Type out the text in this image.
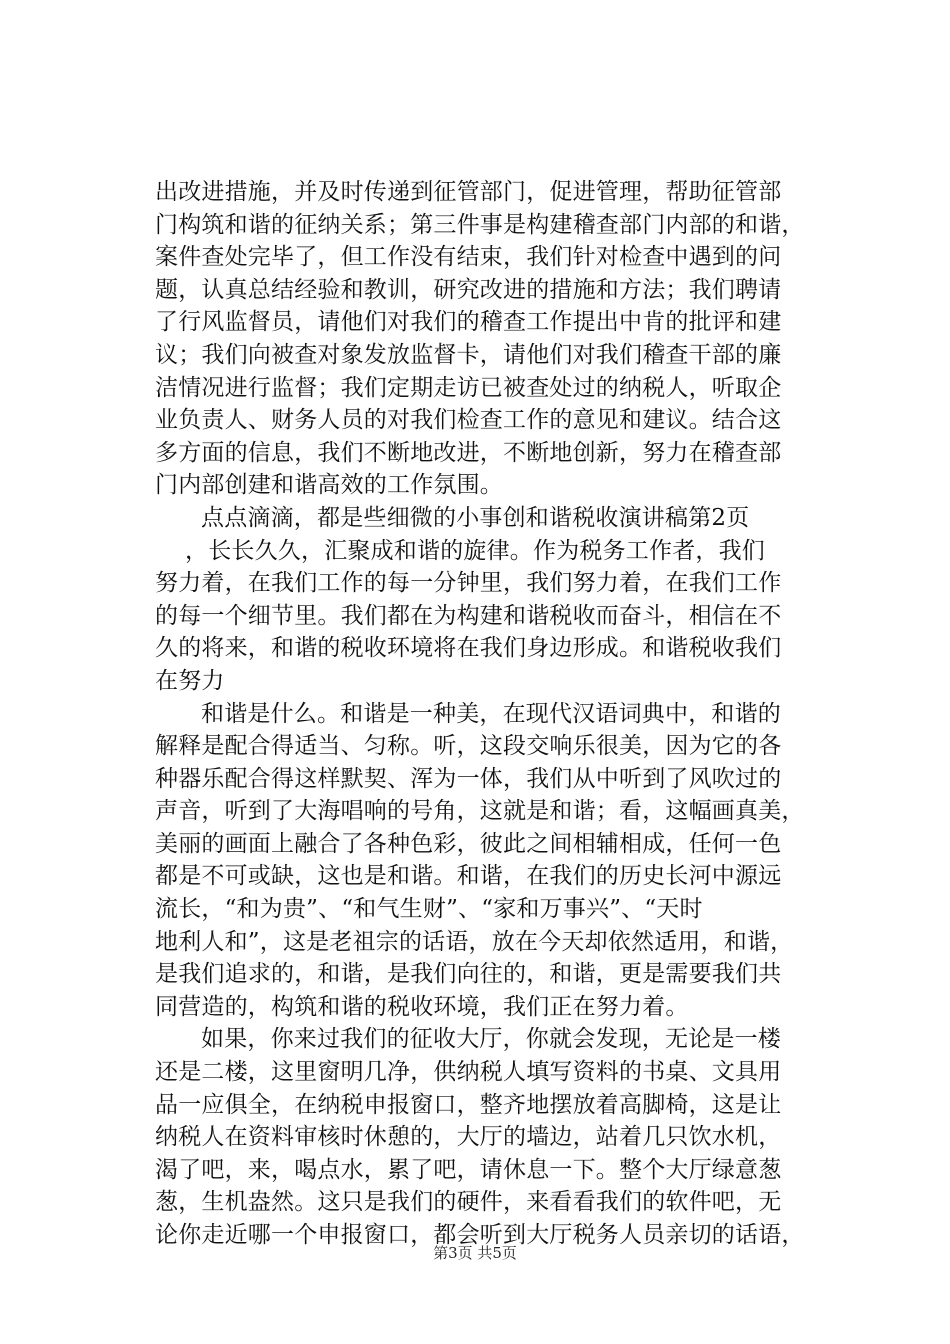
出改进措施，并及时传递到征管部门，促进管理，帮助征管部
门构筑和谐的征纳关系；第三件事是构建稽查部门内部的和谐，
案件查处完毕了，但工作没有结束，我们针对检查中遇到的问
题，认真总结经验和教训，研究改进的措施和方法；我们聘请
了行风监督员，请他们对我们的稽查工作提出中肯的批评和建
议；我们向被查对象发放监督卡，请他们对我们稽查干部的廉
洁情况进行监督；我们定期走访已被查处过的纳税人，听取企
业负责人、财务人员的对我们检查工作的意见和建议。结合这
多方面的信息，我们不断地改进，不断地创新，努力在稽查部
门内部创建和谐高效的工作氛围。
点点滴滴，都是些细微的小事创和谐税收演讲稿第2页
，长长久久，汇聚成和谐的旋律。作为税务工作者，我们
努力着，在我们工作的每一分钟里，我们努力着，在我们工作
的每一个细节里。我们都在为构建和谐税收而奋斗，相信在不
久的将来，和谐的税收环境将在我们身边形成。和谐税收我们
在努力
和谐是什么。和谐是一种美，在现代汉语词典中，和谐的
解释是配合得适当、匀称。听，这段交响乐很美，因为它的各
种器乐配合得这样默契、浑为一体，我们从中听到了风吹过的
声音，听到了大海唱响的号角，这就是和谐；看，这幅画真美，
美丽的画面上融合了各种色彩，彼此之间相辅相成，任何一色
都是不可或缺，这也是和谐。和谐，在我们的历史长河中源远
流长，“和为贵”、“和气生财”、“家和万事兴”、“天时
地利人和”，这是老祖宗的话语，放在今天却依然适用，和谐，
是我们追求的，和谐，是我们向往的，和谐，更是需要我们共
同营造的，构筑和谐的税收环境，我们正在努力着。
如果，你来过我们的征收大厅，你就会发现，无论是一楼
还是二楼，这里窗明几净，供纳税人填写资料的书桌、文具用
品一应俱全，在纳税申报窗口，整齐地摆放着高脚椅，这是让
纳税人在资料审核时休憩的，大厅的墙边，站着几只饮水机，
渴了吧，来，喝点水，累了吧，请休息一下。整个大厅绿意葱
葱，生机盎然。这只是我们的硬件，来看看我们的软件吧，无
论你走近哪一个申报窗口，都会听到大厅税务人员亲切的话语，
第3页 共5页
